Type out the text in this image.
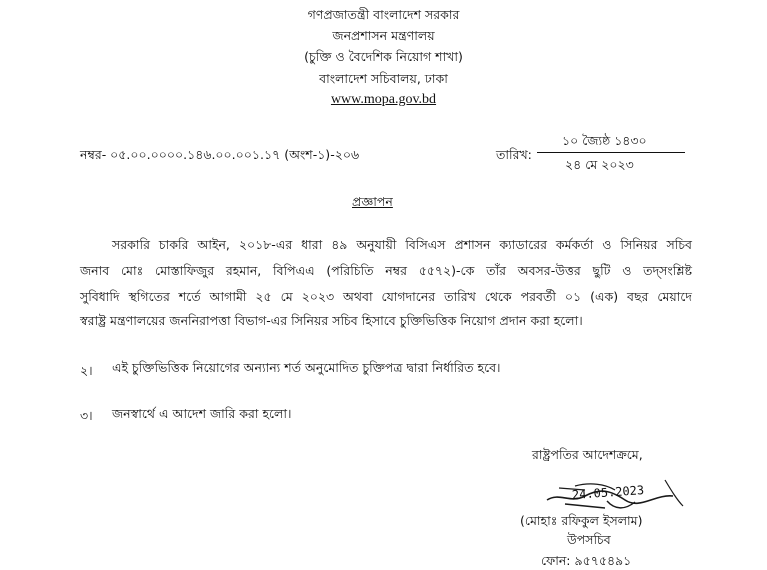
গণপ্রজাতন্ত্রী বাংলাদেশ সরকার
জনপ্রশাসন মন্ত্রণালয়
(চুক্তি ও বৈদেশিক নিয়োগ শাখা)
বাংলাদেশ সচিবালয়, ঢাকা
www.mopa.gov.bd
নম্বর- ০৫.০০.০০০০.১৪৬.০০.০০১.১৭ (অংশ-১)-২০৬	তারিখ:
১০ জ্যৈষ্ঠ ১৪৩০
২৪ মে ২০২৩
প্রজ্ঞাপন
সরকারি চাকরি আইন, ২০১৮-এর ধারা ৪৯ অনুযায়ী বিসিএস প্রশাসন ক্যাডারের কর্মকর্তা ও সিনিয়র সচিব
জনাব মোঃ মোস্তাফিজুর রহমান, বিপিএএ (পরিচিতি নম্বর ৫৫৭২)-কে তাঁর অবসর-উত্তর ছুটি ও তদ্‌সংশ্লিষ্ট
সুবিধাদি স্থগিতের শর্তে আগামী ২৫ মে ২০২৩ অথবা যোগদানের তারিখ থেকে পরবর্তী ০১ (এক) বছর মেয়াদে
স্বরাষ্ট্র মন্ত্রণালয়ের জননিরাপত্তা বিভাগ-এর সিনিয়র সচিব হিসাবে চুক্তিভিত্তিক নিয়োগ প্রদান করা হলো।
২। এই চুক্তিভিত্তিক নিয়োগের অন্যান্য শর্ত অনুমোদিত চুক্তিপত্র দ্বারা নির্ধারিত হবে।
৩। জনস্বার্থে এ আদেশ জারি করা হলো।
রাষ্ট্রপতির আদেশক্রমে,
24.05.2023
(মোহাঃ রফিকুল ইসলাম)
উপসচিব
ফোন: ৯৫৭৫৪৯১
